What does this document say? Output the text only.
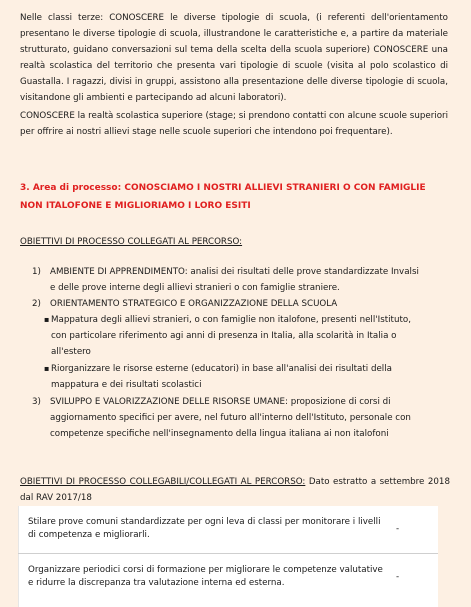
Nelle classi terze: CONOSCERE le diverse tipologie di scuola, (i referenti dell'orientamento presentano le diverse tipologie di scuola, illustrandone le caratteristiche e, a partire da materiale strutturato, guidano conversazioni sul tema della scelta della scuola superiore) CONOSCERE una realtà scolastica del territorio che presenta vari tipologie di scuole (visita al polo scolastico di Guastalla. I ragazzi, divisi in gruppi, assistono alla presentazione delle diverse tipologie di scuola, visitandone gli ambienti e partecipando ad alcuni laboratori).
CONOSCERE la realtà scolastica superiore (stage; si prendono contatti con alcune scuole superiori per offrire ai nostri allievi stage nelle scuole superiori che intendono poi frequentare).
3. Area di processo: CONOSCIAMO I NOSTRI ALLIEVI STRANIERI O CON FAMIGLIE NON ITALOFONE E MIGLIORIAMO I LORO ESITI
OBIETTIVI DI PROCESSO COLLEGATI AL PERCORSO:
1) AMBIENTE DI APPRENDIMENTO: analisi dei risultati delle prove standardizzate Invalsi e delle prove interne degli allievi stranieri o con famiglie straniere.
2) ORIENTAMENTO STRATEGICO E ORGANIZZAZIONE DELLA SCUOLA
▪ Mappatura degli allievi stranieri, o con famiglie non italofone, presenti nell'Istituto, con particolare riferimento agi anni di presenza in Italia, alla scolarità in Italia o all'estero
▪ Riorganizzare le risorse esterne (educatori) in base all'analisi dei risultati della mappatura e dei risultati scolastici
3) SVILUPPO E VALORIZZAZIONE DELLE RISORSE UMANE: proposizione di corsi di aggiornamento specifici per avere, nel futuro all'interno dell'Istituto, personale con competenze specifiche nell'insegnamento della lingua italiana ai non italofoni
OBIETTIVI DI PROCESSO COLLEGABILI/COLLEGATI AL PERCORSO: Dato estratto a settembre 2018 dal RAV 2017/18
Stilare prove comuni standardizzate per ogni leva di classi per monitorare i livelli di competenza e migliorarli.
-
Organizzare periodici corsi di formazione per migliorare le competenze valutative e ridurre la discrepanza tra valutazione interna ed esterna.
-
